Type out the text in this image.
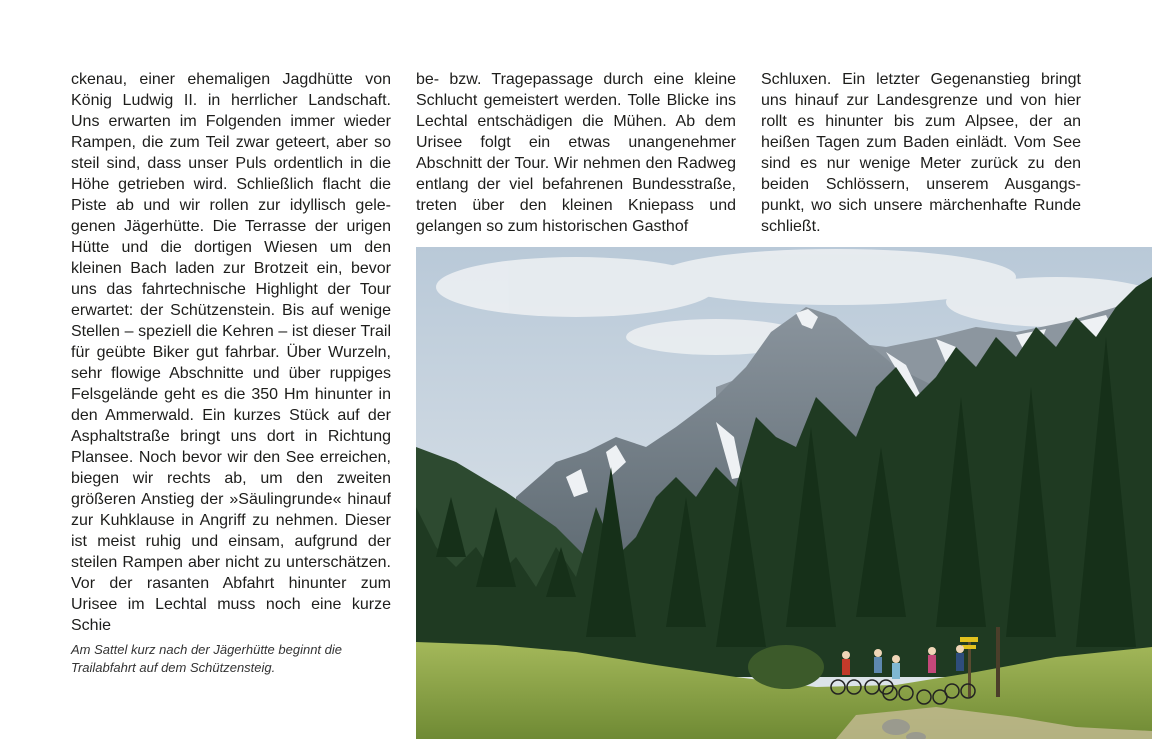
ckenau, einer ehemaligen Jagdhütte von König Ludwig II. in herrlicher Landschaft. Uns erwarten im Folgenden immer wieder Rampen, die zum Teil zwar geteert, aber so steil sind, dass unser Puls ordentlich in die Höhe getrieben wird. Schließlich flacht die Piste ab und wir rollen zur idyllisch gelegenen Jägerhütte. Die Terrasse der urigen Hütte und die dortigen Wiesen um den kleinen Bach laden zur Brotzeit ein, bevor uns das fahrtechnische Highlight der Tour erwartet: der Schützenstein. Bis auf wenige Stellen – speziell die Kehren – ist dieser Trail für geübte Biker gut fahrbar. Über Wurzeln, sehr flowige Abschnitte und über ruppiges Felsgelände geht es die 350 Hm hinunter in den Ammerwald. Ein kurzes Stück auf der Asphaltstraße bringt uns dort in Richtung Plansee. Noch bevor wir den See erreichen, biegen wir rechts ab, um den zweiten größeren Anstieg der »Säulingrunde« hinauf zur Kuhklause in Angriff zu nehmen. Dieser ist meist ruhig und einsam, aufgrund der steilen Rampen aber nicht zu unterschätzen. Vor der rasanten Abfahrt hinunter zum Urisee im Lechtal muss noch eine kurze Schie

be- bzw. Tragepassage durch eine kleine Schlucht gemeistert werden. Tolle Blicke ins Lechtal entschädigen die Mühen. Ab dem Urisee folgt ein etwas unangenehmer Abschnitt der Tour. Wir nehmen den Radweg entlang der viel befahrenen Bundesstraße, treten über den kleinen Kniepass und gelangen so zum historischen Gasthof

Schluxen. Ein letzter Gegenanstieg bringt uns hinauf zur Landesgrenze und von hier rollt es hinunter bis zum Alpsee, der an heißen Tagen zum Baden einlädt. Vom See sind es nur wenige Meter zurück zu den beiden Schlössern, unserem Ausgangspunkt, wo sich unsere märchenhafte Runde schließt.

Am Sattel kurz nach der Jägerhütte beginnt die Trailabfahrt auf dem Schützensteig.
